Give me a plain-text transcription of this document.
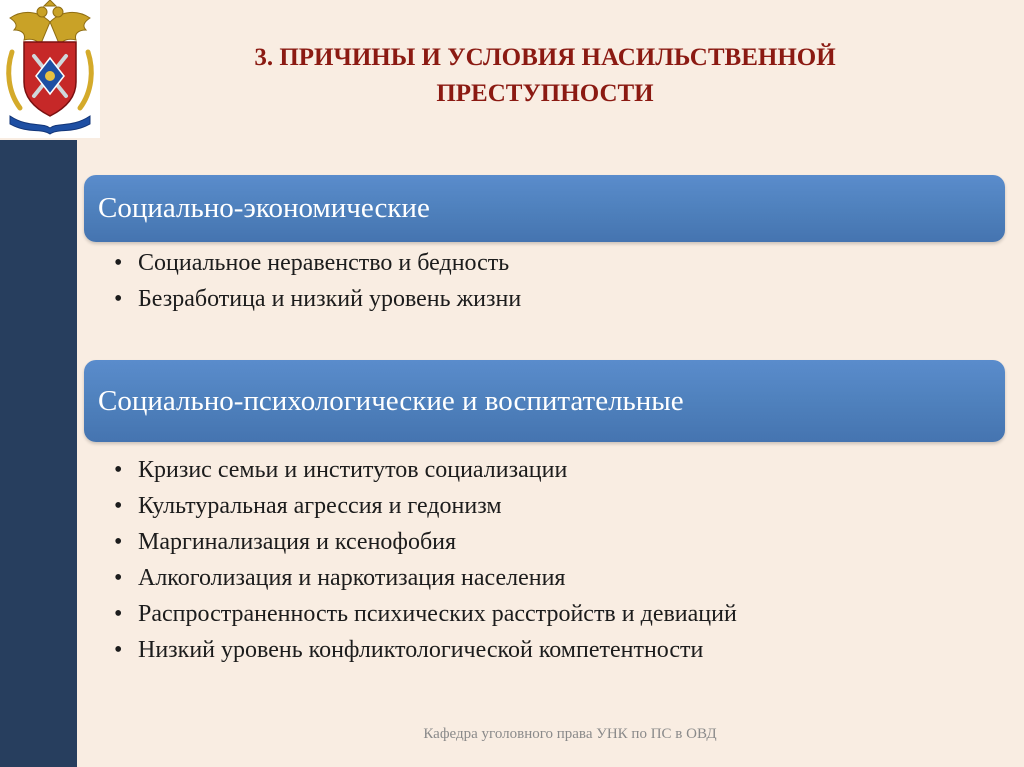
3. ПРИЧИНЫ И УСЛОВИЯ НАСИЛЬСТВЕННОЙ ПРЕСТУПНОСТИ
Социально-экономические
• Социальное неравенство и бедность
• Безработица и низкий уровень жизни
Социально-психологические и воспитательные
• Кризис семьи и институтов социализации
• Культуральная агрессия и гедонизм
• Маргинализация и ксенофобия
• Алкоголизация и наркотизация населения
• Распространенность психических расстройств и девиаций
• Низкий уровень конфликтологической компетентности
Кафедра уголовного права УНК по ПС в ОВД
